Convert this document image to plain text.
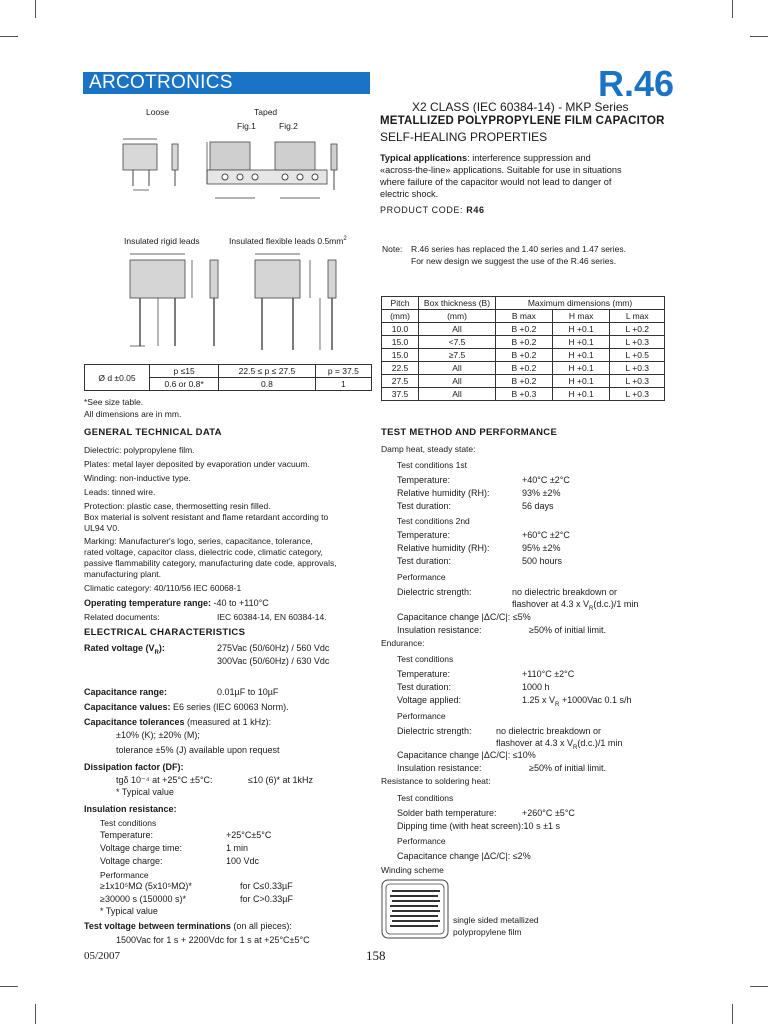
ARCOTRONICS	R.46
X2 CLASS (IEC 60384-14) - MKP Series
METALLIZED POLYPROPYLENE FILM CAPACITOR
SELF-HEALING PROPERTIES
Typical applications: interference suppression and
«across-the-line» applications. Suitable for use in situations
where failure of the capacitor would not lead to danger of
electric shock.
PRODUCT CODE: R46
Loose	Taped
Fig.1	Fig.2
Insulated rigid leads	Insulated flexible leads $0.5mm^2$
Ø d ±0.05	p ≤15	22.5 ≤ p ≤ 27.5	p = 37.5
	0.6 or 0.8*	0.8	1
*See size table.
All dimensions are in mm.
Note: R.46 series has replaced the 1.40 series and 1.47 series.
For new design we suggest the use of the R.46 series.
Pitch	Box thickness (B)	Maximum dimensions (mm)		
(mm)	(mm)	B max	H max	L max
10.0	All	B +0.2	H +0.1	L +0.2
15.0	<7.5	B +0.2	H +0.1	L +0.3
15.0	≥7.5	B +0.2	H +0.1	L +0.5
22.5	All	B +0.2	H +0.1	L +0.3
27.5	All	B +0.2	H +0.1	L +0.3
37.5	All	B +0.3	H +0.1	L +0.3
GENERAL TECHNICAL DATA
Dielectric: polypropylene film.
Plates: metal layer deposited by evaporation under vacuum.
Winding: non-inductive type.
Leads: tinned wire.
Protection: plastic case, thermosetting resin filled.
Box material is solvent resistant and flame retardant according to
UL94 V0.
Marking: Manufacturer's logo, series, capacitance, tolerance,
rated voltage, capacitor class, dielectric code, climatic category,
passive flammability category, manufacturing date code, approvals,
manufacturing plant.
Climatic category: 40/110/56 IEC 60068-1
Operating temperature range: -40 to +110°C
Related documents:	IEC 60384-14, EN 60384-14.
ELECTRICAL CHARACTERISTICS
Rated voltage $(V_R)$:	275Vac (50/60Hz) / 560 Vdc
300Vac (50/60Hz) / 630 Vdc
Capacitance range:	0.01µF to 10µF
Capacitance values: E6 series (IEC 60063 Norm).
Capacitance tolerances (measured at 1 kHz):
±10% (K); ±20% (M);
tolerance ±5% (J) available upon request
Dissipation factor (DF):
tgδ 10⁻⁴ at +25°C ±5°C:	≤10 (6)* at 1kHz
* Typical value
Insulation resistance:
Test conditions
Temperature:	+25°C±5°C
Voltage charge time:	1 min
Voltage charge:	100 Vdc
Performance
≥1x10⁵MΩ (5x10⁵MΩ)*	for C≤0.33µF
≥30000 s (150000 s)*	for C>0.33µF
* Typical value
Test voltage between terminations (on all pieces):
1500Vac for 1 s + 2200Vdc for 1 s at +25°C±5°C
TEST METHOD AND PERFORMANCE
Damp heat, steady state:
Test conditions 1st
Temperature:	+40°C ±2°C
Relative humidity (RH):	93% ±2%
Test duration:	56 days
Test conditions 2nd
Temperature:	+60°C ±2°C
Relative humidity (RH):	95% ±2%
Test duration:	500 hours
Performance
Dielectric strength:	no dielectric breakdown or
flashover at 4.3 x $V_R(d.c.)/1$ min
Capacitance change |ΔC/C|: ≤5%
Insulation resistance:	≥50% of initial limit.
Endurance:
Test conditions
Temperature:	+110°C ±2°C
Test duration:	1000 h
Voltage applied:	1.25 x $V_R +1000Vac$ 0.1 s/h
Performance
Dielectric strength:	no dielectric breakdown or
flashover at 4.3 x $V_R(d.c.)/1$ min
Capacitance change |ΔC/C|: ≤10%
Insulation resistance:	≥50% of initial limit.
Resistance to soldering heat:
Test conditions
Solder bath temperature:	+260°C ±5°C
Dipping time (with heat screen):10 s ±1 s
Performance
Capacitance change |ΔC/C|: ≤2%
Winding scheme
single sided metallized
polypropylene film
05/2007	158
